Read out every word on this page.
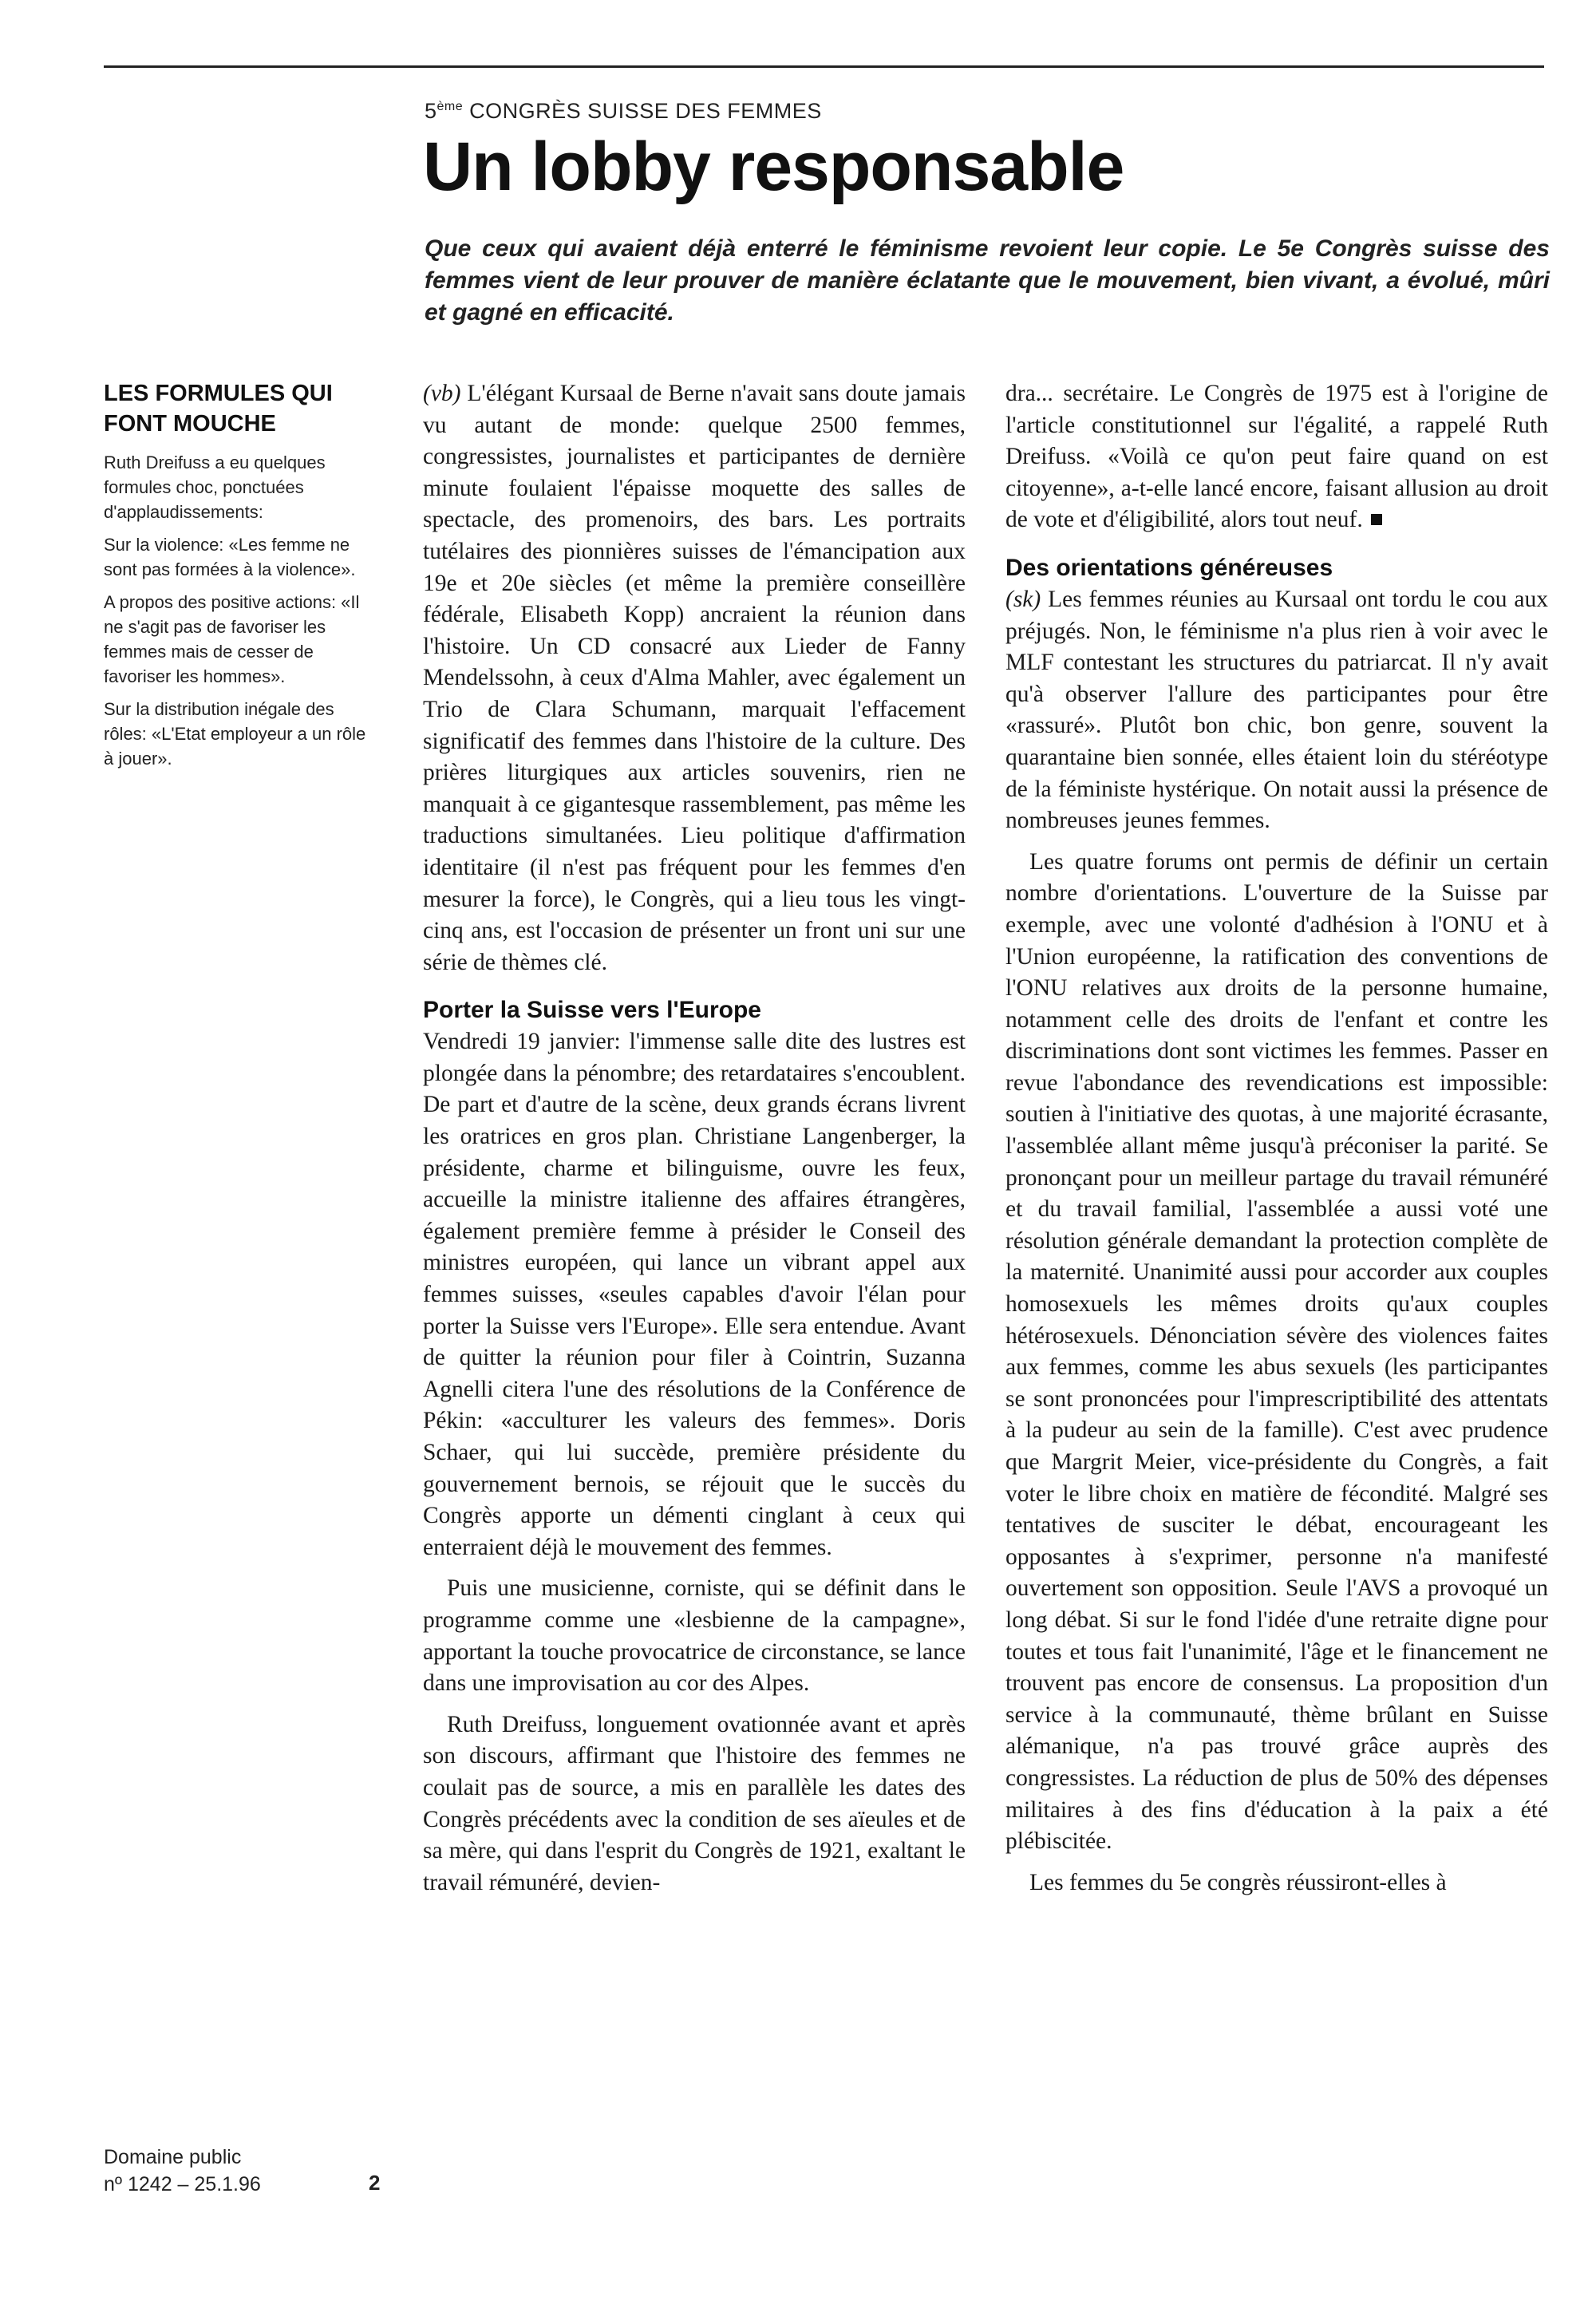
5ème CONGRÈS SUISSE DES FEMMES
Un lobby responsable

Que ceux qui avaient déjà enterré le féminisme revoient leur copie. Le 5e Congrès suisse des femmes vient de leur prouver de manière éclatante que le mouvement, bien vivant, a évolué, mûri et gagné en efficacité.

LES FORMULES QUI FONT MOUCHE

Ruth Dreifuss a eu quelques formules choc, ponctuées d'applaudissements:

Sur la violence: «Les femme ne sont pas formées à la violence».

A propos des positive actions: «Il ne s'agit pas de favoriser les femmes mais de cesser de favoriser les hommes».

Sur la distribution inégale des rôles: «L'Etat employeur a un rôle à jouer».

(vb) L'élégant Kursaal de Berne n'avait sans doute jamais vu autant de monde: quelque 2500 femmes, congressistes, journalistes et participantes de dernière minute foulaient l'épaisse moquette des salles de spectacle, des promenoirs, des bars. Les portraits tutélaires des pionnières suisses de l'émancipation aux 19e et 20e siècles (et même la première conseillère fédérale, Elisabeth Kopp) ancraient la réunion dans l'histoire. Un CD consacré aux Lieder de Fanny Mendelssohn, à ceux d'Alma Mahler, avec également un Trio de Clara Schumann, marquait l'effacement significatif des femmes dans l'histoire de la culture. Des prières liturgiques aux articles souvenirs, rien ne manquait à ce gigantesque rassemblement, pas même les traductions simultanées. Lieu politique d'affirmation identitaire (il n'est pas fréquent pour les femmes d'en mesurer la force), le Congrès, qui a lieu tous les vingt-cinq ans, est l'occasion de présenter un front uni sur une série de thèmes clé.

Porter la Suisse vers l'Europe

Vendredi 19 janvier: l'immense salle dite des lustres est plongée dans la pénombre; des retardataires s'encoublent. De part et d'autre de la scène, deux grands écrans livrent les oratrices en gros plan. Christiane Langenberger, la présidente, charme et bilinguisme, ouvre les feux, accueille la ministre italienne des affaires étrangères, également première femme à présider le Conseil des ministres européen, qui lance un vibrant appel aux femmes suisses, «seules capables d'avoir l'élan pour porter la Suisse vers l'Europe». Elle sera entendue. Avant de quitter la réunion pour filer à Cointrin, Suzanna Agnelli citera l'une des résolutions de la Conférence de Pékin: «acculturer les valeurs des femmes». Doris Schaer, qui lui succède, première présidente du gouvernement bernois, se réjouit que le succès du Congrès apporte un démenti cinglant à ceux qui enterraient déjà le mouvement des femmes.

Puis une musicienne, corniste, qui se définit dans le programme comme une «lesbienne de la campagne», apportant la touche provocatrice de circonstance, se lance dans une improvisation au cor des Alpes.

Ruth Dreifuss, longuement ovationnée avant et après son discours, affirmant que l'histoire des femmes ne coulait pas de source, a mis en parallèle les dates des Congrès précédents avec la condition de ses aïeules et de sa mère, qui dans l'esprit du Congrès de 1921, exaltant le travail rémunéré, devien-

dra... secrétaire. Le Congrès de 1975 est à l'origine de l'article constitutionnel sur l'égalité, a rappelé Ruth Dreifuss. «Voilà ce qu'on peut faire quand on est citoyenne», a-t-elle lancé encore, faisant allusion au droit de vote et d'éligibilité, alors tout neuf.

Des orientations généreuses

(sk) Les femmes réunies au Kursaal ont tordu le cou aux préjugés. Non, le féminisme n'a plus rien à voir avec le MLF contestant les structures du patriarcat. Il n'y avait qu'à observer l'allure des participantes pour être «rassuré». Plutôt bon chic, bon genre, souvent la quarantaine bien sonnée, elles étaient loin du stéréotype de la féministe hystérique. On notait aussi la présence de nombreuses jeunes femmes.

Les quatre forums ont permis de définir un certain nombre d'orientations. L'ouverture de la Suisse par exemple, avec une volonté d'adhésion à l'ONU et à l'Union européenne, la ratification des conventions de l'ONU relatives aux droits de la personne humaine, notamment celle des droits de l'enfant et contre les discriminations dont sont victimes les femmes. Passer en revue l'abondance des revendications est impossible: soutien à l'initiative des quotas, à une majorité écrasante, l'assemblée allant même jusqu'à préconiser la parité. Se prononçant pour un meilleur partage du travail rémunéré et du travail familial, l'assemblée a aussi voté une résolution générale demandant la protection complète de la maternité. Unanimité aussi pour accorder aux couples homosexuels les mêmes droits qu'aux couples hétérosexuels. Dénonciation sévère des violences faites aux femmes, comme les abus sexuels (les participantes se sont prononcées pour l'imprescriptibilité des attentats à la pudeur au sein de la famille). C'est avec prudence que Margrit Meier, vice-présidente du Congrès, a fait voter le libre choix en matière de fécondité. Malgré ses tentatives de susciter le débat, encourageant les opposantes à s'exprimer, personne n'a manifesté ouvertement son opposition. Seule l'AVS a provoqué un long débat. Si sur le fond l'idée d'une retraite digne pour toutes et tous fait l'unanimité, l'âge et le financement ne trouvent pas encore de consensus. La proposition d'un service à la communauté, thème brûlant en Suisse alémanique, n'a pas trouvé grâce auprès des congressistes. La réduction de plus de 50% des dépenses militaires à des fins d'éducation à la paix a été plébiscitée.

Les femmes du 5e congrès réussiront-elles à

Domaine public
nº 1242 – 25.1.96	2
